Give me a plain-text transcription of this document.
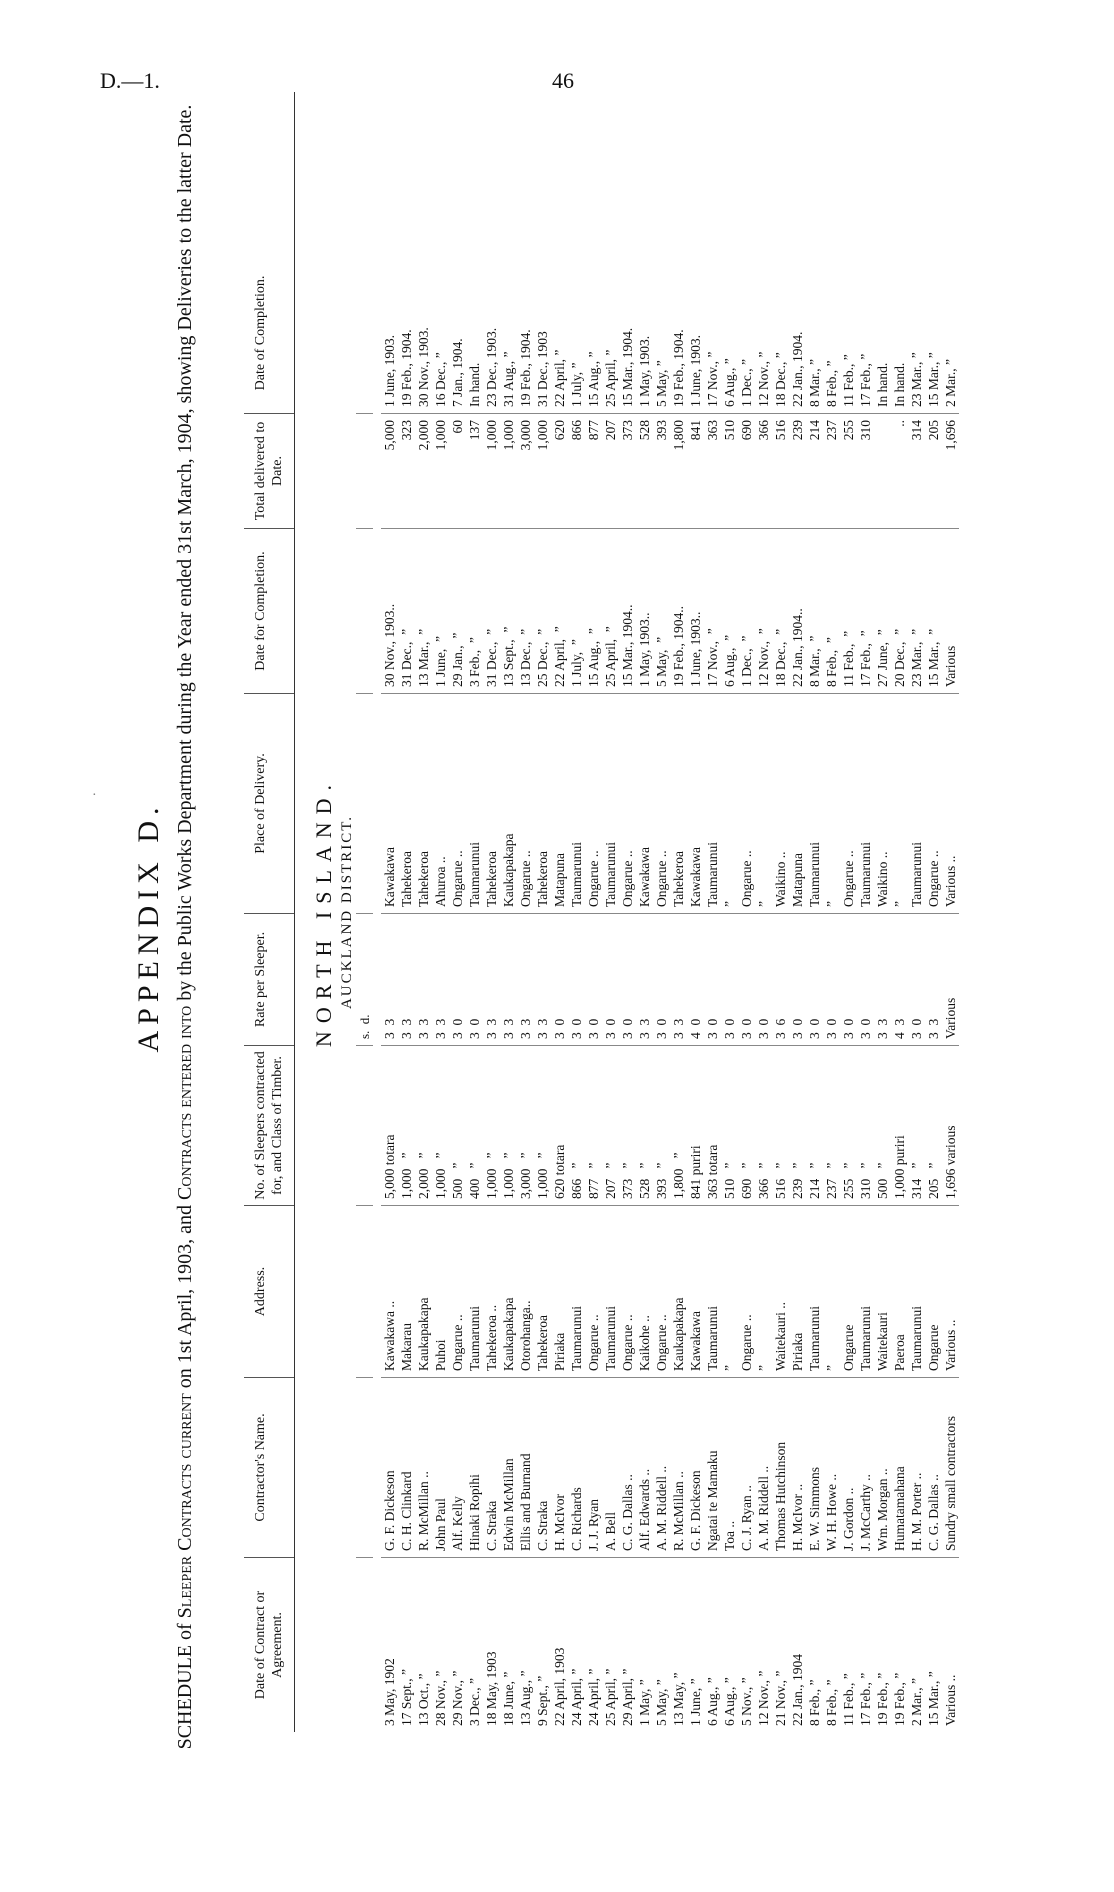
D.—1.	46
·
APPENDIX D.
SCHEDULE of Sleeper Contracts current on 1st April, 1903, and Contracts entered into by the Public Works Department during the Year ended 31st March, 1904, showing Deliveries to the latter Date.
Date of Contract or Agreement.
Contractor's Name.
Address.
No. of Sleepers contracted for, and Class of Timber.
Rate per Sleeper.
Place of Delivery.
Date for Completion.
Total delivered to Date.
Date of Completion.
NORTH ISLAND. AUCKLAND DISTRICT.
s.  d.
3 May, 1902
G. F. Dickeson
Kawakawa ..
5,000 totara
3  3
Kawakawa
30 Nov., 1903..
5,000
1 June, 1903.
17 Sept., ”
C. H. Clinkard
Makarau
1,000   ”
3  3
Tahekeroa
31 Dec.,  ”
323
19 Feb., 1904.
13 Oct., ”
R. McMillan ..
Kaukapakapa
2,000   ”
3  3
Tahekeroa
13 Mar.,  ”
2,000
30 Nov., 1903.
28 Nov., ”
John Paul
Puhoi
1,000   ”
3  3
Ahuroa ..
1 June,  ”
1,000
16 Dec., ”
29 Nov., ”
Alf. Kelly
Ongarue ..
500   ”
3  0
Ongarue ..
29 Jan.,  ”
60
7 Jan., 1904.
3 Dec., ”
Hinaki Ropihi
Taumarunui
400   ”
3  0
Taumarunui
3 Feb.,  ”
137
In hand.
18 May, 1903
C. Straka
Tahekeroa ..
1,000   ”
3  3
Tahekeroa
31 Dec.,  ”
1,000
23 Dec., 1903.
18 June, ”
Edwin McMillan
Kaukapakapa
1,000   ”
3  3
Kaukapakapa
13 Sept.,  ”
1,000
31 Aug., ”
13 Aug., ”
Ellis and Burnand
Otorohanga..
3,000   ”
3  3
Ongarue ..
13 Dec.,  ”
3,000
19 Feb., 1904.
9 Sept., ”
C. Straka
Tahekeroa
1,000   ”
3  3
Tahekeroa
25 Dec.,  ”
1,000
31 Dec., 1903
22 April, 1903
H. McIvor
Piriaka
620 totara
3  0
Matapuna
22 April,  ”
620
22 April, ”
24 April, ”
C. Richards
Taumarunui
866   ”
3  0
Taumarunui
1 July,  ”
866
1 July, ”
24 April, ”
J. J. Ryan
Ongarue ..
877   ”
3  0
Ongarue ..
15 Aug.,  ”
877
15 Aug., ”
25 April, ”
A. Bell
Taumarunui
207   ”
3  0
Taumarunui
25 April,  ”
207
25 April, ”
29 April, ”
C. G. Dallas ..
Ongarue ..
373   ”
3  0
Ongarue ..
15 Mar., 1904..
373
15 Mar., 1904.
1 May, ”
Alf. Edwards ..
Kaikohe ..
528   ”
3  3
Kawakawa
1 May, 1903..
528
1 May, 1903.
5 May, ”
A. M. Riddell ..
Ongarue ..
393   ”
3  0
Ongarue ..
5 May,  ”
393
5 May, ”
13 May, ”
R. McMillan ..
Kaukapakapa
1,800   ”
3  3
Tahekeroa
19 Feb., 1904..
1,800
19 Feb., 1904.
1 June, ”
G. F. Dickeson
Kawakawa
841 puriri
4  0
Kawakawa
1 June, 1903..
841
1 June, 1903.
6 Aug., ”
Ngatai te Mamaku
Taumarunui
363 totara
3  0
Taumarunui
17 Nov.,  ”
363
17 Nov., ”
6 Aug., ”
Toa ..
”
510   ”
3  0
”
6 Aug.,  ”
510
6 Aug., ”
5 Nov., ”
C. J. Ryan ..
Ongarue ..
690   ”
3  0
Ongarue ..
1 Dec.,  ”
690
1 Dec., ”
12 Nov., ”
A. M. Riddell ..
”
366   ”
3  0
”
12 Nov.,  ”
366
12 Nov., ”
21 Nov., ”
Thomas Hutchinson
Waitekauri ..
516   ”
3  6
Waikino ..
18 Dec.,  ”
516
18 Dec., ”
22 Jan., 1904
H. McIvor ..
Piriaka
239   ”
3  0
Matapuna
22 Jan., 1904..
239
22 Jan., 1904.
8 Feb., ”
E. W. Simmons
Taumarunui
214   ”
3  0
Taumarunui
8 Mar.,  ”
214
8 Mar., ”
8 Feb., ”
W. H. Howe ..
”
237   ”
3  0
”
8 Feb.,  ”
237
8 Feb., ”
11 Feb., ”
J. Gordon ..
Ongarue
255   ”
3  0
Ongarue ..
11 Feb.,  ”
255
11 Feb., ”
17 Feb., ”
J. McCarthy ..
Taumarunui
310   ”
3  0
Taumarunui
17 Feb.,  ”
310
17 Feb., ”
19 Feb., ”
Wm. Morgan ..
Waitekauri
500   ”
3  3
Waikino ..
27 June,  ”
In hand.
19 Feb., ”
Humatamahana
Paeroa
1,000 puriri
4  3
”
20 Dec.,  ”
..
In hand.
2 Mar., ”
H. M. Porter ..
Taumarunui
314   ”
3  0
Taumarunui
23 Mar.,  ”
314
23 Mar., ”
15 Mar., ”
C. G. Dallas ..
Ongarue
205   ”
3  3
Ongarue ..
15 Mar.,  ”
205
15 Mar., ”
Various ..
Sundry small contractors
Various ..
1,696 various
Various
Various ..
Various
1,696
2 Mar., ”
